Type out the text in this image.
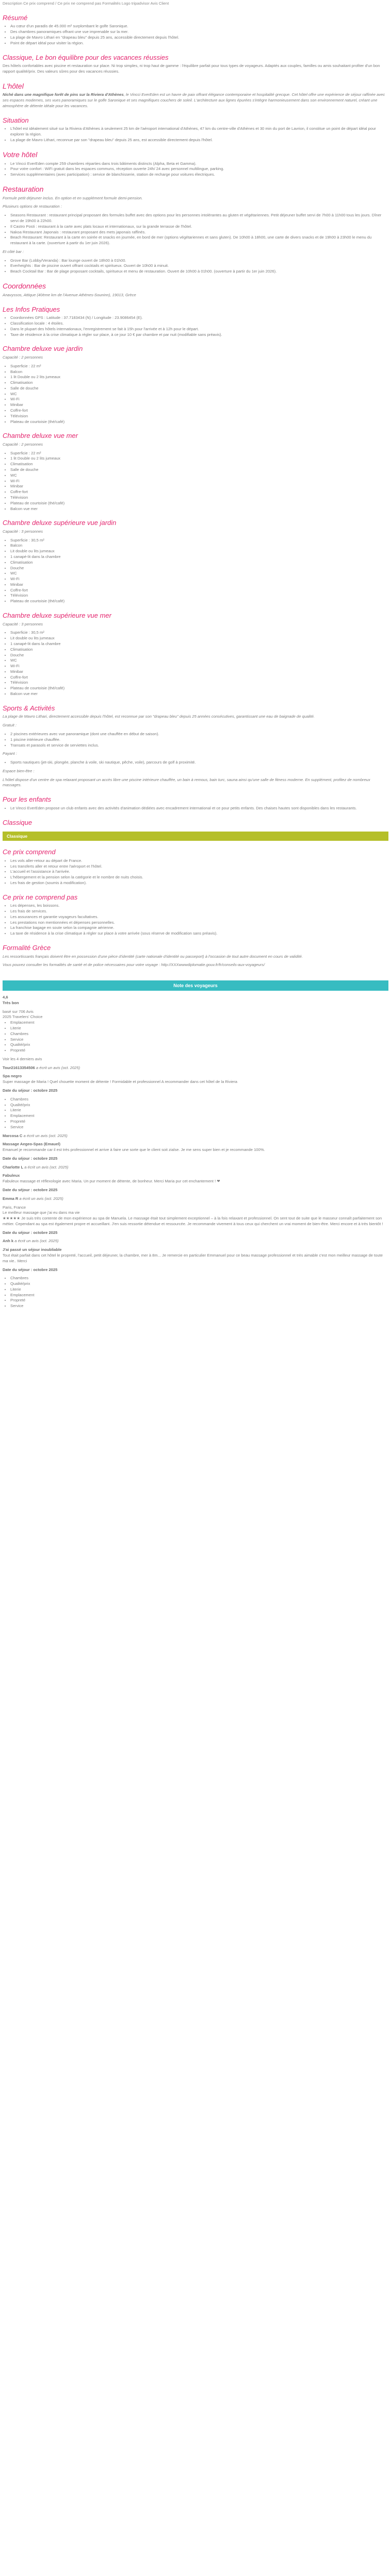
Description Ce prix comprend / Ce prix ne comprend pas Formalités Logo tripadvisor Avis Client
Résumé
• Au cœur d'un paradis de 45.000 m² surplombant le golfe Saronique.
• Des chambres panoramiques offrant une vue imprenable sur la mer.
• La plage de Mavro Lithari en "drapeau bleu" depuis 25 ans, accessible directement depuis l'hôtel.
• Point de départ idéal pour visiter la région.
Classique, Le bon équilibre pour des vacances réussies

Des hôtels confortables avec piscine et restauration sur place. Ni trop simples, ni trop haut de gamme : l'équilibre parfait pour tous types de voyageurs. Adaptés aux couples, familles ou amis souhaitant profiter d'un bon rapport qualité/prix. Des valeurs sûres pour des vacances réussies.

L'hôtel

Niché dans une magnifique forêt de pins sur la Riviera d'Athènes, le Vincci EverEden est un havre de paix offrant élégance contemporaine et hospitalité grecque. Cet hôtel offre une expérience de séjour raffinée avec ses espaces modernes, ses vues panoramiques sur le golfe Saronique et ses magnifiques couchers de soleil. L'architecture aux lignes épurées s'intègre harmonieusement dans son environnement naturel, créant une atmosphère de détente idéale pour les vacances.

Situation
• L'hôtel est idéalement situé sur la Riviera d'Athènes à seulement 25 km de l'aéroport international d'Athènes, 47 km du centre-ville d'Athènes et 30 min du port de Lavrion, il constitue un point de départ idéal pour explorer la région.
• La plage de Mavro Lithari, reconnue par son "drapeau bleu" depuis 25 ans, est accessible directement depuis l'hôtel.
Votre hôtel
• Le Vincci EverEden compte 259 chambres réparties dans trois bâtiments distincts (Alpha, Beta et Gamma).
• Pour votre confort : WiFi gratuit dans les espaces communs, réception ouverte 24h/ 24 avec personnel multilingue, parking.
• Services supplémentaires (avec participation) : service de blanchisserie, station de recharge pour voitures électriques.
Restauration

Formule petit déjeuner inclus. En option et en supplément formule demi-pension.

Plusieurs options de restauration :

• Seasons Restaurant : restaurant principal proposant des formules buffet avec des options pour les personnes intolérantes au gluten et végétariennes. Petit déjeuner buffet servi de 7h00 à 11h00 tous les jours. Dîner servi de 19h00 à 22h00.
• Il Castro Posti : restaurant à la carte avec plats locaux et internationaux, sur la grande terrasse de l'hôtel.
• Nakoa Restaurant Japonais : restaurant proposant des mets japonais raffinés.
• Beach Restaurant: Restaurant à la carte en soirée et snacks en journée, en bord de mer (options végétariennes et sans gluten). De 10h00 à 18h00, une carte de divers snacks et de 19h00 à 23h00 le menu du restaurant à la carte. (ouverture à partir du 1er juin 2026).

Et côté bar :

• Grove Bar (Lobby/Veranda) : Bar lounge ouvert de 18h00 à 01h00.
• Everheights : Bar de piscine ouvert offrant cocktails et spiritueux. Ouvert de 10h00 à minuit.
• Beach Cocktail Bar : Bar de plage proposant cocktails, spiritueux et menu de restauration. Ouvert de 10h00 à 01h00. (ouverture à partir du 1er juin 2026).
Coordonnées

Anavyssos, Attique (40ème km de l'Avenue Athènes-Souninn), 19013, Grèce

Les Infos Pratiques
• Coordonnées GPS : Latitude : 37.7183434 (N) / Longitude : 23.9086454 (E).
• Classification locale : 4 étoiles.
• Dans le plupart des hôtels internationaux, l'enregistrement se fait à 15h pour l'arrivée et à 12h pour le départ.
• Taxe de résidence à la crise climatique à régler sur place, à ce jour 10 € par chambre et par nuit (modifiable sans préavis).
Chambre deluxe vue jardin

Capacité : 2 personnes

• Superficie : 22 m²
• Balcon
• 1 lit Double ou 2 lits jumeaux
• Climatisation
• Salle de douche
• WC
• Wi-Fi
• Minibar
• Coffre-fort
• Télévision
• Plateau de courtoisie (thé/café)
Chambre deluxe vue mer

Capacité : 2 personnes

• Superficie : 22 m²
• 1 lit Double ou 2 lits jumeaux
• Climatisation
• Salle de douche
• WC
• Wi-Fi
• Minibar
• Coffre-fort
• Télévision
• Plateau de courtoisie (thé/café)
• Balcon vue mer
Chambre deluxe supérieure vue jardin

Capacité : 3 personnes

• Superficie : 30,5 m²
• Balcon
• Lit double ou lits jumeaux
• 1 canapé-lit dans la chambre
• Climatisation
• Douche
• WC
• Wi-Fi
• Minibar
• Coffre-fort
• Télévision
• Plateau de courtoisie (thé/café)
Chambre deluxe supérieure vue mer

Capacité : 3 personnes

• Superficie : 30,5 m²
• Lit double ou lits jumeaux
• 1 canapé-lit dans la chambre
• Climatisation
• Douche
• WC
• Wi-Fi
• Minibar
• Coffre-fort
• Télévision
• Plateau de courtoisie (thé/café)
• Balcon vue mer
Sports & Activités

La plage de Mavro Lithari, directement accessible depuis l'hôtel, est reconnue par son "drapeau bleu" depuis 25 années consécutives, garantissant une eau de baignade de qualité.

Gratuit :

• 2 piscines extérieures avec vue panoramique (dont une chauffée en début de saison).
• 1 piscine intérieure chauffée.
• Transats et parasols et service de serviettes inclus.

Payant :

• Sports nautiques (jet-ski, plongée, planche à voile, ski nautique, pêche, voile), parcours de golf à proximité.

Espace bien-être :

L'hôtel dispose d'un centre de spa relaxant proposant un accès libre une piscine intérieure chauffée, un bain à remous, bain turc, sauna ainsi qu'une salle de fitness moderne. En supplément, profitez de nombreux massages.

Pour les enfants
• Le Vincci EverEden propose un club enfants avec des activités d'animation dédiées avec encadrement international et ce pour petits enfants. Des chaises hautes sont disponibles dans les restaurants.
Classique
Classique
Ce prix comprend
• Les vols aller-retour au départ de France.
• Les transferts aller et retour entre l'aéroport et l'hôtel.
• L'accueil et l'assistance à l'arrivée.
• L'hébergement et la pension selon la catégorie et le nombre de nuits choisis.
• Les frais de gestion (soumis à modification).
Ce prix ne comprend pas
• Les dépenses, les boissons.
• Les frais de services.
• Les assurances et garantie voyageurs facultatives.
• Les prestations non mentionnées et dépenses personnelles.
• La franchise bagage en soute selon la compagnie aérienne.
• La taxe de résidence à la crise climatique à régler sur place à votre arrivée (sous réserve de modification sans préavis).
Formalité Grèce

Les ressortissants français doivent être en possession d'une pièce d'identité (carte nationale d'identité ou passeport) à l'occasion de tout autre document en cours de validité.

Vous pouvez consulter les formalités de santé et de police nécessaires pour votre voyage : http://XXXwwwdiplomatie.gouv.fr/fr/conseils-aux-voyageurs/

Note des voyageurs
4,6
Très bon
basé sur 706 Avis
2025 Travelers' Choice
• Emplacement
• Literie
• Chambres
• Service
• Qualité/prix
• Propreté

Voir les 4 derniers avis

Tour21613354506 a écrit un avis (oct. 2025)

Spa negro

Super massage de Maria ! Quel chouette moment de détente ! Formidable et professionnel A recommander dans cet hôtel de la Riviera

Date du séjour : octobre 2025

• Chambres
• Qualité/prix
• Literie
• Emplacement
• Propreté
• Service

Marcosa C a écrit un avis (oct. 2025)

Massage Aegeo-Spas (Emauel)

Emanuel je recommande car il est très professionnel et arrive à faire une sorte que le client soit zialse. Je me sens super bien et je recommande 100%.

Date du séjour : octobre 2025

Charlotte L a écrit un avis (oct. 2025)

Fabuleux

Fabuleux massage et réflexologie avec Maria. Un pur moment de détente, de bonheur. Merci Maria pur cet enchantement ! ❤

Date du séjour : octobre 2025

Emma R a écrit un avis (oct. 2025)

Paris, France

Le meilleur massage que j'ai eu dans ma vie
★★★★★ Je suis très contente de mon expérience au spa de Manuela. Le massage était tout simplement exceptionnel – à la fois relaxant et professionnel. On sent tout de suite que le masseur connaît parfaitement son métier. Cependant au spa est également propre et accueillant. J'en suis ressortie détendue et ressourcée. Je recommande vivement à tous ceux qui cherchent un vrai moment de bien-être. Merci encore et à très bientôt !

Date du séjour : octobre 2025

Anh k a écrit un avis (oct. 2025)

J'ai passé un séjour inoubliable

Tout était parfait dans cet hôtel le propreté, l'accueil, petit déjeuner, la chambre, mer à 8m... Je remercie en particulier Emmanuel pour ce beau massage professionnel et très aimable c'est mon meilleur massage de toute ma vie.. Merci

Date du séjour : octobre 2025

• Chambres
• Qualité/prix
• Literie
• Emplacement
• Propreté
• Service
